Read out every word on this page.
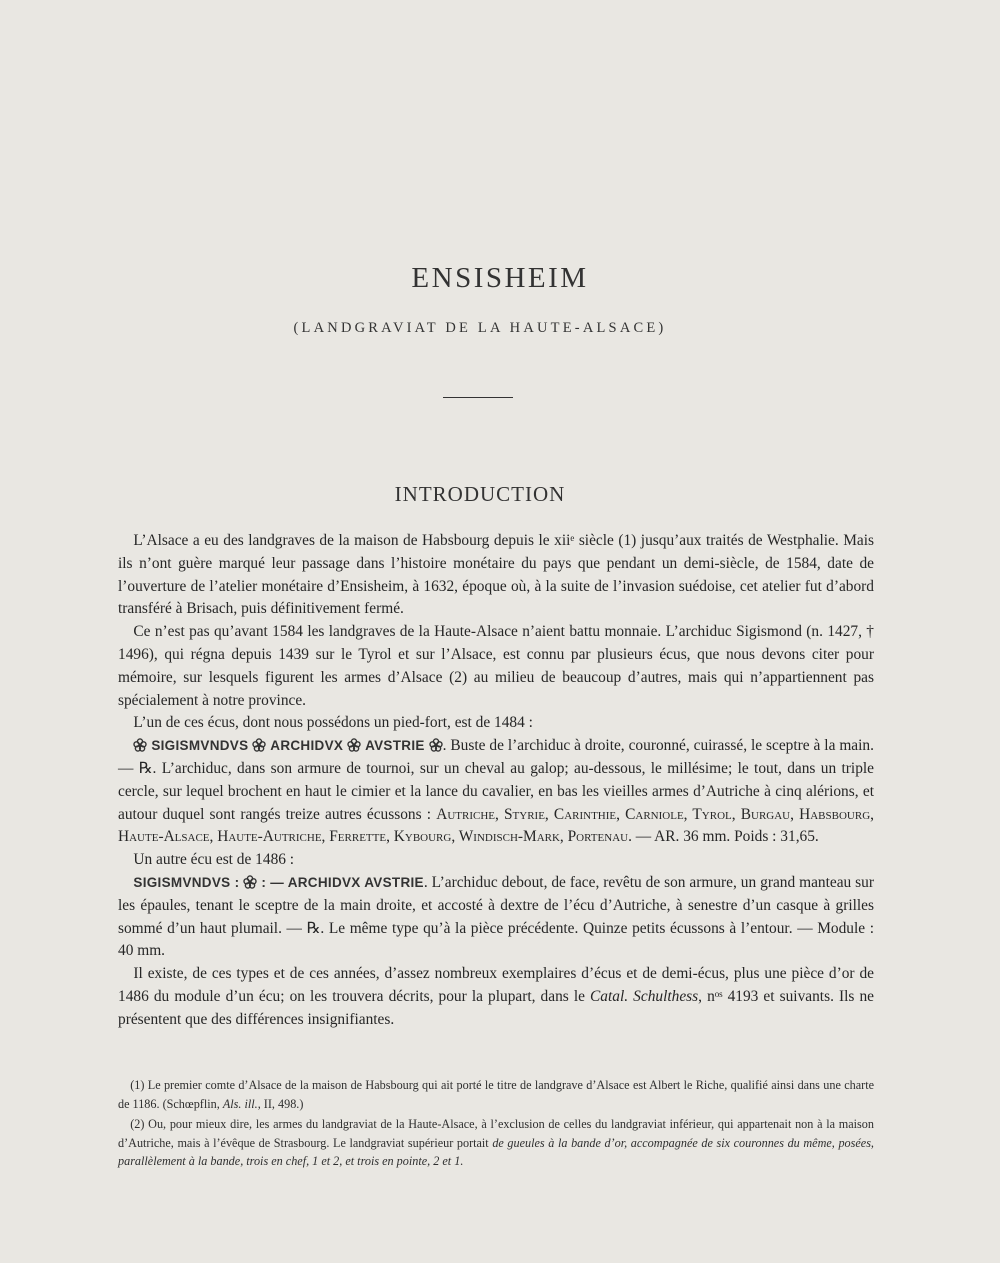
ENSISHEIM
(LANDGRAVIAT DE LA HAUTE-ALSACE)
INTRODUCTION

L’Alsace a eu des landgraves de la maison de Habsbourg depuis le xiiᵉ siècle (1) jusqu’aux traités de Westphalie. Mais ils n’ont guère marqué leur passage dans l’histoire monétaire du pays que pendant un demi-siècle, de 1584, date de l’ouverture de l’atelier monétaire d’Ensisheim, à 1632, époque où, à la suite de l’invasion suédoise, cet atelier fut d’abord transféré à Brisach, puis définitivement fermé.

Ce n’est pas qu’avant 1584 les landgraves de la Haute-Alsace n’aient battu monnaie. L’archiduc Sigismond (n. 1427, † 1496), qui régna depuis 1439 sur le Tyrol et sur l’Alsace, est connu par plusieurs écus, que nous devons citer pour mémoire, sur lesquels figurent les armes d’Alsace (2) au milieu de beaucoup d’autres, mais qui n’appartiennent pas spécialement à notre province.

L’un de ces écus, dont nous possédons un pied-fort, est de 1484 :

SIGISMVNDVS ARCHIDVX AVSTRIE . Buste de l’archiduc à droite, couronné, cuirassé, le sceptre à la main. — ℞. L’archiduc, dans son armure de tournoi, sur un cheval au galop; au-dessous, le millésime; le tout, dans un triple cercle, sur lequel brochent en haut le cimier et la lance du cavalier, en bas les vieilles armes d’Autriche à cinq alérions, et autour duquel sont rangés treize autres écussons : Autriche, Styrie, Carinthie, Carniole, Tyrol, Burgau, Habsbourg, Haute-Alsace, Haute-Autriche, Ferrette, Kybourg, Windisch-Mark, Portenau. — AR. 36 mm. Poids : 31,65.

Un autre écu est de 1486 :

SIGISMVNDVS : : — ARCHIDVX AVSTRIE. L’archiduc debout, de face, revêtu de son armure, un grand manteau sur les épaules, tenant le sceptre de la main droite, et accosté à dextre de l’écu d’Autriche, à senestre d’un casque à grilles sommé d’un haut plumail. — ℞. Le même type qu’à la pièce précédente. Quinze petits écussons à l’entour. — Module : 40 mm.

Il existe, de ces types et de ces années, d’assez nombreux exemplaires d’écus et de demi-écus, plus une pièce d’or de 1486 du module d’un écu; on les trouvera décrits, pour la plupart, dans le Catal. Schulthess, nᵒˢ 4193 et suivants. Ils ne présentent que des différences insignifiantes.

(1) Le premier comte d’Alsace de la maison de Habsbourg qui ait porté le titre de landgrave d’Alsace est Albert le Riche, qualifié ainsi dans une charte de 1186. (Schœpflin, Als. ill., II, 498.)

(2) Ou, pour mieux dire, les armes du landgraviat de la Haute-Alsace, à l’exclusion de celles du landgraviat inférieur, qui appartenait non à la maison d’Autriche, mais à l’évêque de Strasbourg. Le landgraviat supérieur portait de gueules à la bande d’or, accompagnée de six couronnes du même, posées, parallèlement à la bande, trois en chef, 1 et 2, et trois en pointe, 2 et 1.
